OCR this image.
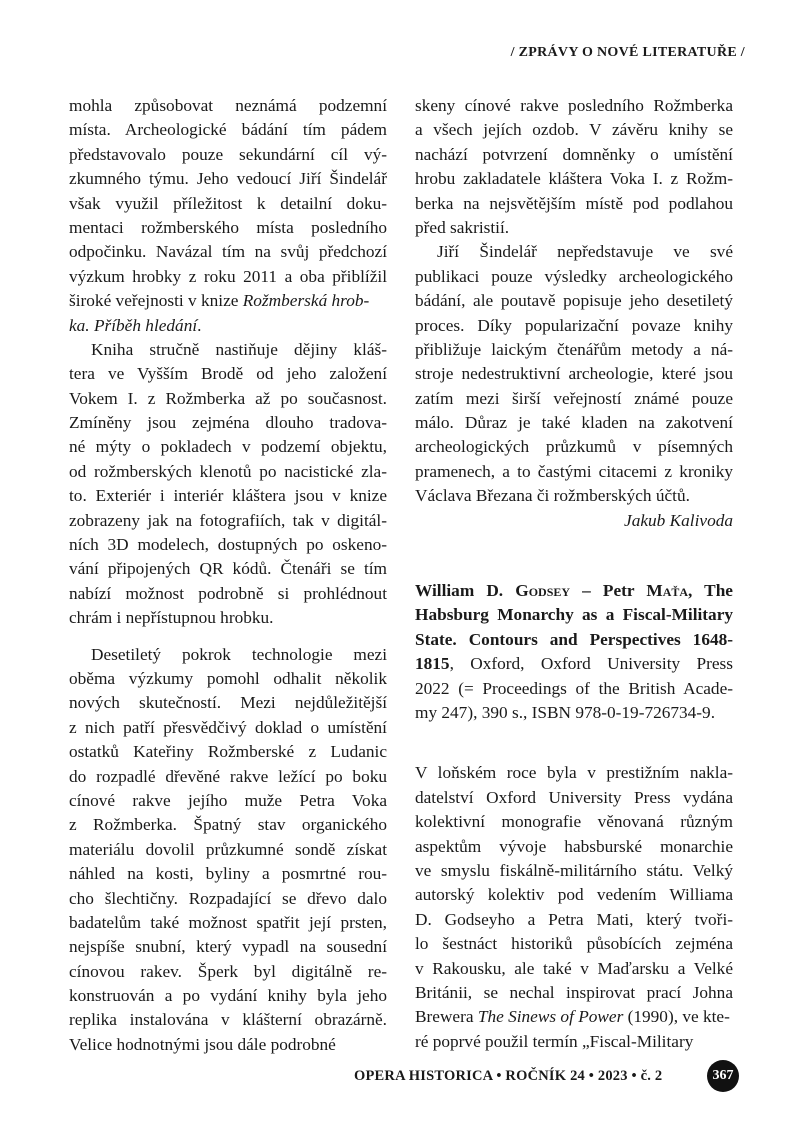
/ ZPRÁVY O NOVÉ LITERATUŘE /
mohla způsobovat neznámá podzemní
místa. Archeologické bádání tím pádem
představovalo pouze sekundární cíl vý-
zkumného týmu. Jeho vedoucí Jiří Šindelář
však využil příležitost k detailní doku-
mentaci rožmberského místa posledního
odpočinku. Navázal tím na svůj předchozí
výzkum hrobky z roku 2011 a oba přiblížil
široké veřejnosti v knize Rožmberská hrob-
ka. Příběh hledání.
Kniha stručně nastiňuje dějiny kláš-
tera ve Vyšším Brodě od jeho založení
Vokem I. z Rožmberka až po současnost.
Zmíněny jsou zejména dlouho tradova-
né mýty o pokladech v podzemí objektu,
od rožmberských klenotů po nacistické zla-
to. Exteriér i interiér kláštera jsou v knize
zobrazeny jak na fotografiích, tak v digitál-
ních 3D modelech, dostupných po oskeno-
vání připojených QR kódů. Čtenáři se tím
nabízí možnost podrobně si prohlédnout
chrám i nepřístupnou hrobku.
Desetiletý pokrok technologie mezi
oběma výzkumy pomohl odhalit několik
nových skutečností. Mezi nejdůležitější
z nich patří přesvědčivý doklad o umístění
ostatků Kateřiny Rožmberské z Ludanic
do rozpadlé dřevěné rakve ležící po boku
cínové rakve jejího muže Petra Voka
z Rožmberka. Špatný stav organického
materiálu dovolil průzkumné sondě získat
náhled na kosti, byliny a posmrtné rou-
cho šlechtičny. Rozpadající se dřevo dalo
badatelům také možnost spatřit její prsten,
nejspíše snubní, který vypadl na sousední
cínovou rakev. Šperk byl digitálně re-
konstruován a po vydání knihy byla jeho
replika instalována v klášterní obrazárně.
Velice hodnotnými jsou dále podrobné
skeny cínové rakve posledního Rožmberka
a všech jejích ozdob. V závěru knihy se
nachází potvrzení domněnky o umístění
hrobu zakladatele kláštera Voka I. z Rožm-
berka na nejsvětějším místě pod podlahou
před sakristií.
Jiří Šindelář nepředstavuje ve své
publikaci pouze výsledky archeologického
bádání, ale poutavě popisuje jeho desetiletý
proces. Díky popularizační povaze knihy
přibližuje laickým čtenářům metody a ná-
stroje nedestruktivní archeologie, které jsou
zatím mezi širší veřejností známé pouze
málo. Důraz je také kladen na zakotvení
archeologických průzkumů v písemných
pramenech, a to častými citacemi z kroniky
Václava Březana či rožmberských účtů.
Jakub Kalivoda
William D. Godsey – Petr Maťa, The
Habsburg Monarchy as a Fiscal-Military
State. Contours and Perspectives 1648-
1815, Oxford, Oxford University Press
2022 (= Proceedings of the British Acade-
my 247), 390 s., ISBN 978-0-19-726734-9.
V loňském roce byla v prestižním nakla-
datelství Oxford University Press vydána
kolektivní monografie věnovaná různým
aspektům vývoje habsburské monarchie
ve smyslu fiskálně-militárního státu. Velký
autorský kolektiv pod vedením Williama
D. Godseyho a Petra Mati, který tvoři-
lo šestnáct historiků působících zejména
v Rakousku, ale také v Maďarsku a Velké
Británii, se nechal inspirovat prací Johna
Brewera The Sinews of Power (1990), ve kte-
ré poprvé použil termín „Fiscal-Military
OPERA HISTORICA • ROČNÍK 24 • 2023 • č. 2	367
